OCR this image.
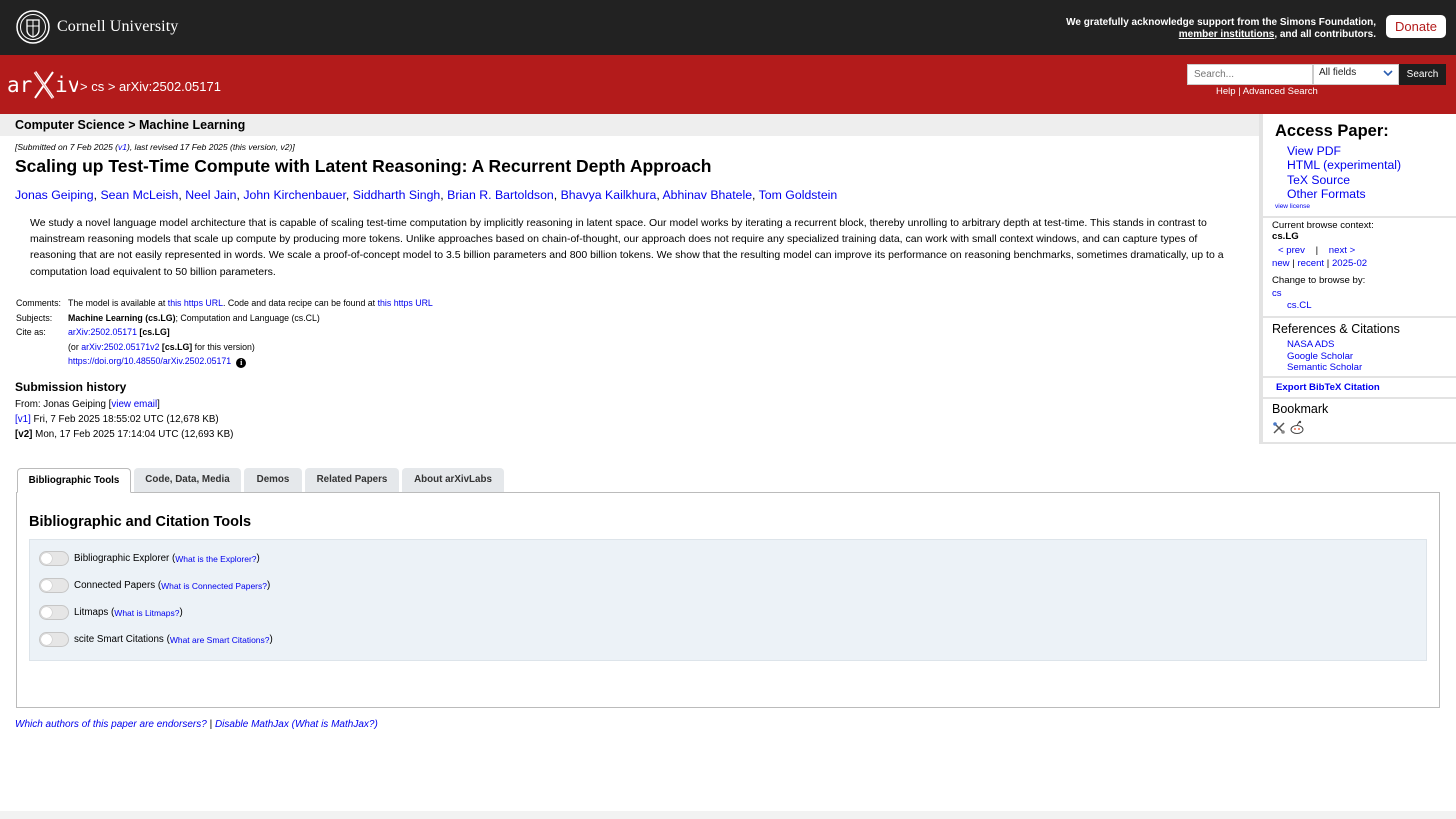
Cornell University	We gratefully acknowledge support from the Simons Foundation, member institutions, and all contributors.
Donate
ar iv > cs > arXiv:2502.05171
Search...
All fields	Search
Help | Advanced Search
Computer Science > Machine Learning
[Submitted on 7 Feb 2025 (v1), last revised 17 Feb 2025 (this version, v2)]
Scaling up Test-Time Compute with Latent Reasoning: A Recurrent Depth Approach
Jonas Geiping, Sean McLeish, Neel Jain, John Kirchenbauer, Siddharth Singh, Brian R. Bartoldson, Bhavya Kailkhura, Abhinav Bhatele, Tom Goldstein

We study a novel language model architecture that is capable of scaling test-time computation by implicitly reasoning in latent space. Our model works by iterating a recurrent block, thereby unrolling to arbitrary depth at test-time. This stands in contrast to mainstream reasoning models that scale up compute by producing more tokens. Unlike approaches based on chain-of-thought, our approach does not require any specialized training data, can work with small context windows, and can capture types of reasoning that are not easily represented in words. We scale a proof-of-concept model to 3.5 billion parameters and 800 billion tokens. We show that the resulting model can improve its performance on reasoning benchmarks, sometimes dramatically, up to a computation load equivalent to 50 billion parameters.

Comments:	The model is available at this https URL. Code and data recipe can be found at this https URL
Subjects:	Machine Learning (cs.LG); Computation and Language (cs.CL)
Cite as:	arXiv:2502.05171 [cs.LG]
	(or arXiv:2502.05171v2 [cs.LG] for this version)
	https://doi.org/10.48550/arXiv.2502.05171 i
Submission history
From: Jonas Geiping [view email]
[v1] Fri, 7 Feb 2025 18:55:02 UTC (12,678 KB)
[v2] Mon, 17 Feb 2025 17:14:04 UTC (12,693 KB)
Bibliographic Tools	Code, Data, Media	Demos	Related Papers	About arXivLabs
Bibliographic and Citation Tools
Bibliographic Explorer ( What is the Explorer? )
Connected Papers ( What is Connected Papers? )
Litmaps ( What is Litmaps? )
scite Smart Citations ( What are Smart Citations? )
Which authors of this paper are endorsers? | Disable MathJax (What is MathJax?)
Access Paper:
View PDF
HTML (experimental)
TeX Source
Other Formats
view license
Current browse context:
cs.LG
< prev | next >
new | recent | 2025-02
Change to browse by:
cs
cs.CL
References & Citations
NASA ADS
Google Scholar
Semantic Scholar
Export BibTeX Citation
Bookmark
